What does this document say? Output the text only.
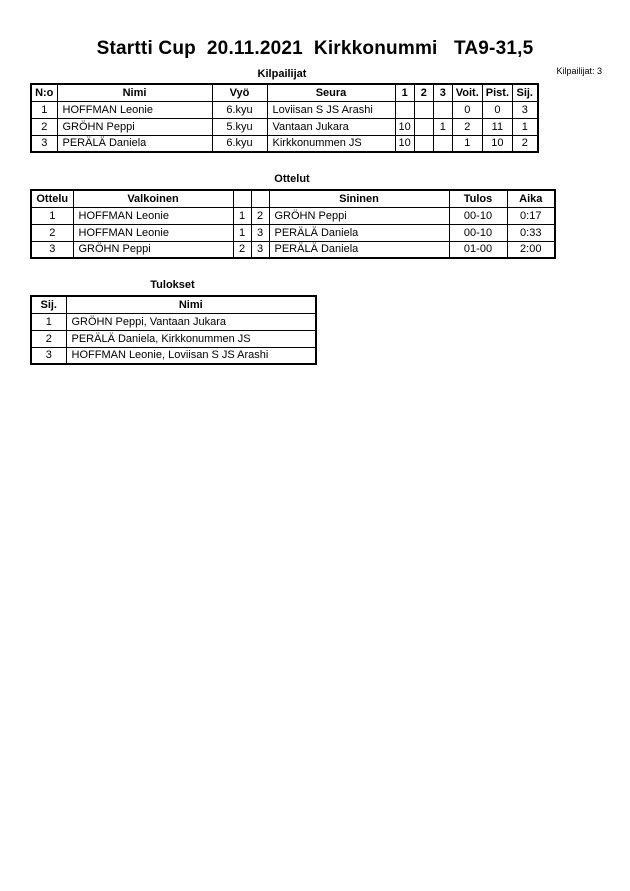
Startti Cup  20.11.2021  Kirkkonummi   TA9-31,5
Kilpailijat: 3
Kilpailijat
N:o	Nimi	Vyö	Seura	1	2	3	Voit.	Pist.	Sij.
1	HOFFMAN Leonie	6.kyu	Loviisan S JS Arashi				0	0	3
2	GRÖHN Peppi	5.kyu	Vantaan Jukara	10		1	2	11	1
3	PERÄLÄ Daniela	6.kyu	Kirkkonummen JS	10			1	10	2
Ottelut
Ottelu	Valkoinen			Sininen	Tulos	Aika
1	HOFFMAN Leonie	1	2	GRÖHN Peppi	00-10	0:17
2	HOFFMAN Leonie	1	3	PERÄLÄ Daniela	00-10	0:33
3	GRÖHN Peppi	2	3	PERÄLÄ Daniela	01-00	2:00
Tulokset
Sij.	Nimi
1	GRÖHN Peppi, Vantaan Jukara
2	PERÄLÄ Daniela, Kirkkonummen JS
3	HOFFMAN Leonie, Loviisan S JS Arashi
